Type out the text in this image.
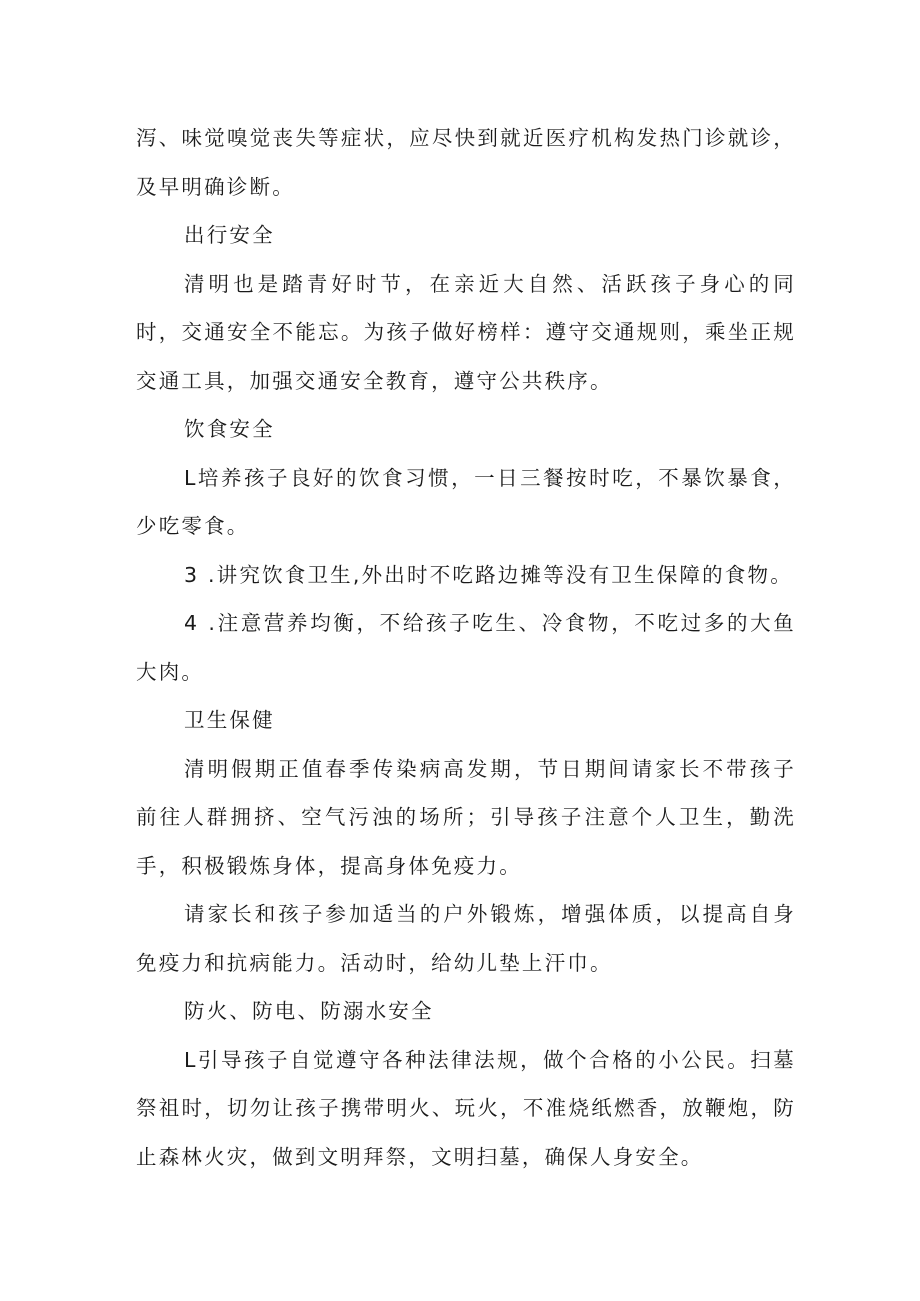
泻、味觉嗅觉丧失等症状，应尽快到就近医疗机构发热门诊就诊，及早明确诊断。

出行安全

清明也是踏青好时节，在亲近大自然、活跃孩子身心的同时，交通安全不能忘。为孩子做好榜样：遵守交通规则，乘坐正规交通工具，加强交通安全教育，遵守公共秩序。

饮食安全

L培养孩子良好的饮食习惯，一日三餐按时吃，不暴饮暴食，少吃零食。

3 .讲究饮食卫生,外出时不吃路边摊等没有卫生保障的食物。

4 .注意营养均衡，不给孩子吃生、冷食物，不吃过多的大鱼大肉。

卫生保健

清明假期正值春季传染病高发期，节日期间请家长不带孩子前往人群拥挤、空气污浊的场所；引导孩子注意个人卫生，勤洗手，积极锻炼身体，提高身体免疫力。

请家长和孩子参加适当的户外锻炼，增强体质，以提高自身免疫力和抗病能力。活动时，给幼儿垫上汗巾。

防火、防电、防溺水安全

L引导孩子自觉遵守各种法律法规，做个合格的小公民。扫墓祭祖时，切勿让孩子携带明火、玩火，不准烧纸燃香，放鞭炮，防止森林火灾，做到文明拜祭，文明扫墓，确保人身安全。
